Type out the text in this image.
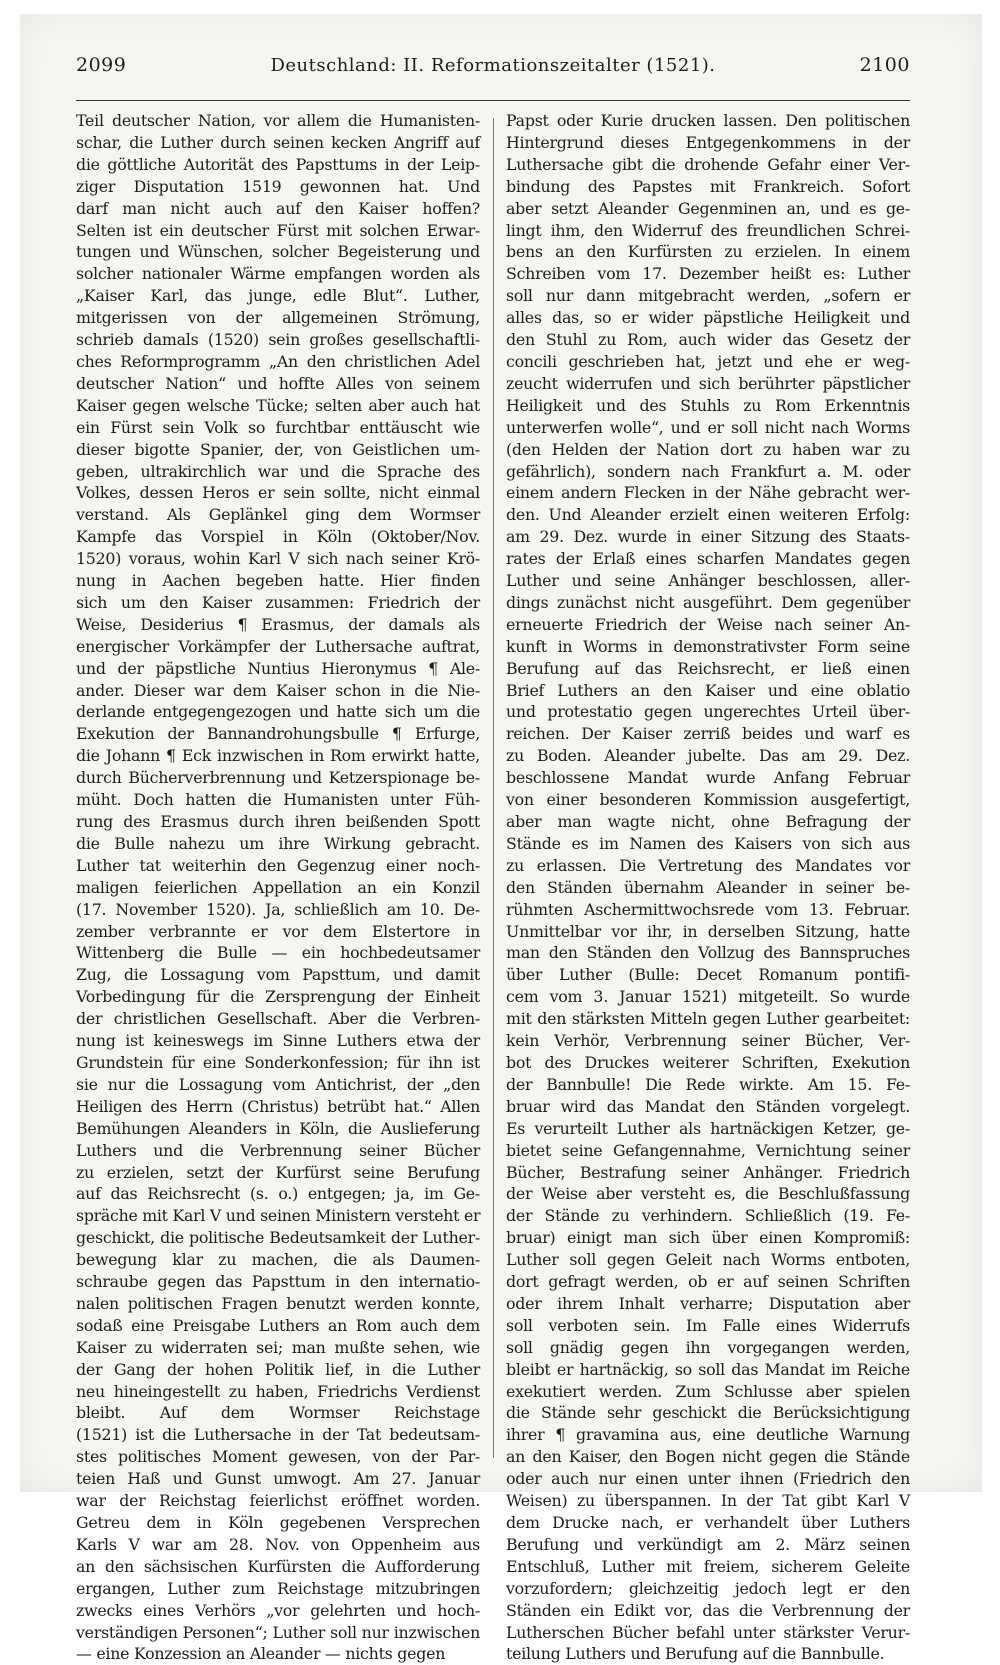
2099	Deutschland: II. Reformationszeitalter (1521).	2100
Teil deutscher Nation, vor allem die Humanisten-schar, die Luther durch seinen kecken Angriff aufdie göttliche Autorität des Papsttums in der Leip-ziger Disputation 1519 gewonnen hat. Unddarf man nicht auch auf den Kaiser hoffen?Selten ist ein deutscher Fürst mit solchen Erwar-tungen und Wünschen, solcher Begeisterung undsolcher nationaler Wärme empfangen worden als„Kaiser Karl, das junge, edle Blut“. Luther,mitgerissen von der allgemeinen Strömung,schrieb damals (1520) sein großes gesellschaftli-ches Reformprogramm „An den christlichen Adeldeutscher Nation“ und hoffte Alles von seinemKaiser gegen welsche Tücke; selten aber auch hatein Fürst sein Volk so furchtbar enttäuscht wiedieser bigotte Spanier, der, von Geistlichen um-geben, ultrakirchlich war und die Sprache desVolkes, dessen Heros er sein sollte, nicht einmalverstand. Als Geplänkel ging dem WormserKampfe das Vorspiel in Köln (Oktober/Nov.1520) voraus, wohin Karl V sich nach seiner Krö-nung in Aachen begeben hatte. Hier findensich um den Kaiser zusammen: Friedrich derWeise, Desiderius ¶ Erasmus, der damals alsenergischer Vorkämpfer der Luthersache auftrat,und der päpstliche Nuntius Hieronymus ¶ Ale-ander. Dieser war dem Kaiser schon in die Nie-derlande entgegengezogen und hatte sich um dieExekution der Bannandrohungsbulle ¶ Erfurge,die Johann ¶ Eck inzwischen in Rom erwirkt hatte,durch Bücherverbrennung und Ketzerspionage be-müht. Doch hatten die Humanisten unter Füh-rung des Erasmus durch ihren beißenden Spottdie Bulle nahezu um ihre Wirkung gebracht.Luther tat weiterhin den Gegenzug einer noch-maligen feierlichen Appellation an ein Konzil(17. November 1520). Ja, schließlich am 10. De-zember verbrannte er vor dem Elstertore inWittenberg die Bulle — ein hochbedeutsamerZug, die Lossagung vom Papsttum, und damitVorbedingung für die Zersprengung der Einheitder christlichen Gesellschaft. Aber die Verbren-nung ist keineswegs im Sinne Luthers etwa derGrundstein für eine Sonderkonfession; für ihn istsie nur die Lossagung vom Antichrist, der „denHeiligen des Herrn (Christus) betrübt hat.“ AllenBemühungen Aleanders in Köln, die AuslieferungLuthers und die Verbrennung seiner Bücherzu erzielen, setzt der Kurfürst seine Berufungauf das Reichsrecht (s. o.) entgegen; ja, im Ge-spräche mit Karl V und seinen Ministern versteht ergeschickt, die politische Bedeutsamkeit der Luther-bewegung klar zu machen, die als Daumen-schraube gegen das Papsttum in den internatio-nalen politischen Fragen benutzt werden konnte,sodaß eine Preisgabe Luthers an Rom auch demKaiser zu widerraten sei; man mußte sehen, wieder Gang der hohen Politik lief, in die Lutherneu hineingestellt zu haben, Friedrichs Verdienstbleibt. Auf dem Wormser Reichstage(1521) ist die Luthersache in der Tat bedeutsam-stes politisches Moment gewesen, von der Par-teien Haß und Gunst umwogt. Am 27. Januarwar der Reichstag feierlichst eröffnet worden.Getreu dem in Köln gegebenen VersprechenKarls V war am 28. Nov. von Oppenheim ausan den sächsischen Kurfürsten die Aufforderungergangen, Luther zum Reichstage mitzubringenzwecks eines Verhörs „vor gelehrten und hoch-verständigen Personen“; Luther soll nur inzwischen— eine Konzession an Aleander — nichts gegen
Papst oder Kurie drucken lassen. Den politischenHintergrund dieses Entgegenkommens in derLuthersache gibt die drohende Gefahr einer Ver-bindung des Papstes mit Frankreich. Sofortaber setzt Aleander Gegenminen an, und es ge-lingt ihm, den Widerruf des freundlichen Schrei-bens an den Kurfürsten zu erzielen. In einemSchreiben vom 17. Dezember heißt es: Luthersoll nur dann mitgebracht werden, „sofern eralles das, so er wider päpstliche Heiligkeit undden Stuhl zu Rom, auch wider das Gesetz derconcili geschrieben hat, jetzt und ehe er weg-zeucht widerrufen und sich berührter päpstlicherHeiligkeit und des Stuhls zu Rom Erkenntnisunterwerfen wolle“, und er soll nicht nach Worms(den Helden der Nation dort zu haben war zugefährlich), sondern nach Frankfurt a. M. odereinem andern Flecken in der Nähe gebracht wer-den. Und Aleander erzielt einen weiteren Erfolg:am 29. Dez. wurde in einer Sitzung des Staats-rates der Erlaß eines scharfen Mandates gegenLuther und seine Anhänger beschlossen, aller-dings zunächst nicht ausgeführt. Dem gegenübererneuerte Friedrich der Weise nach seiner An-kunft in Worms in demonstrativster Form seineBerufung auf das Reichsrecht, er ließ einenBrief Luthers an den Kaiser und eine oblatiound protestatio gegen ungerechtes Urteil über-reichen. Der Kaiser zerriß beides und warf eszu Boden. Aleander jubelte. Das am 29. Dez.beschlossene Mandat wurde Anfang Februarvon einer besonderen Kommission ausgefertigt,aber man wagte nicht, ohne Befragung derStände es im Namen des Kaisers von sich auszu erlassen. Die Vertretung des Mandates vorden Ständen übernahm Aleander in seiner be-rühmten Aschermittwochsrede vom 13. Februar.Unmittelbar vor ihr, in derselben Sitzung, hatteman den Ständen den Vollzug des Bannspruchesüber Luther (Bulle: Decet Romanum pontifi-cem vom 3. Januar 1521) mitgeteilt. So wurdemit den stärksten Mitteln gegen Luther gearbeitet:kein Verhör, Verbrennung seiner Bücher, Ver-bot des Druckes weiterer Schriften, Exekutionder Bannbulle! Die Rede wirkte. Am 15. Fe-bruar wird das Mandat den Ständen vorgelegt.Es verurteilt Luther als hartnäckigen Ketzer, ge-bietet seine Gefangennahme, Vernichtung seinerBücher, Bestrafung seiner Anhänger. Friedrichder Weise aber versteht es, die Beschlußfassungder Stände zu verhindern. Schließlich (19. Fe-bruar) einigt man sich über einen Kompromiß:Luther soll gegen Geleit nach Worms entboten,dort gefragt werden, ob er auf seinen Schriftenoder ihrem Inhalt verharre; Disputation abersoll verboten sein. Im Falle eines Widerrufssoll gnädig gegen ihn vorgegangen werden,bleibt er hartnäckig, so soll das Mandat im Reicheexekutiert werden. Zum Schlusse aber spielendie Stände sehr geschickt die Berücksichtigungihrer ¶ gravamina aus, eine deutliche Warnungan den Kaiser, den Bogen nicht gegen die Ständeoder auch nur einen unter ihnen (Friedrich denWeisen) zu überspannen. In der Tat gibt Karl Vdem Drucke nach, er verhandelt über LuthersBerufung und verkündigt am 2. März seinenEntschluß, Luther mit freiem, sicherem Geleitevorzufordern; gleichzeitig jedoch legt er denStänden ein Edikt vor, das die Verbrennung derLutherschen Bücher befahl unter stärkster Verur-teilung Luthers und Berufung auf die Bannbulle.
